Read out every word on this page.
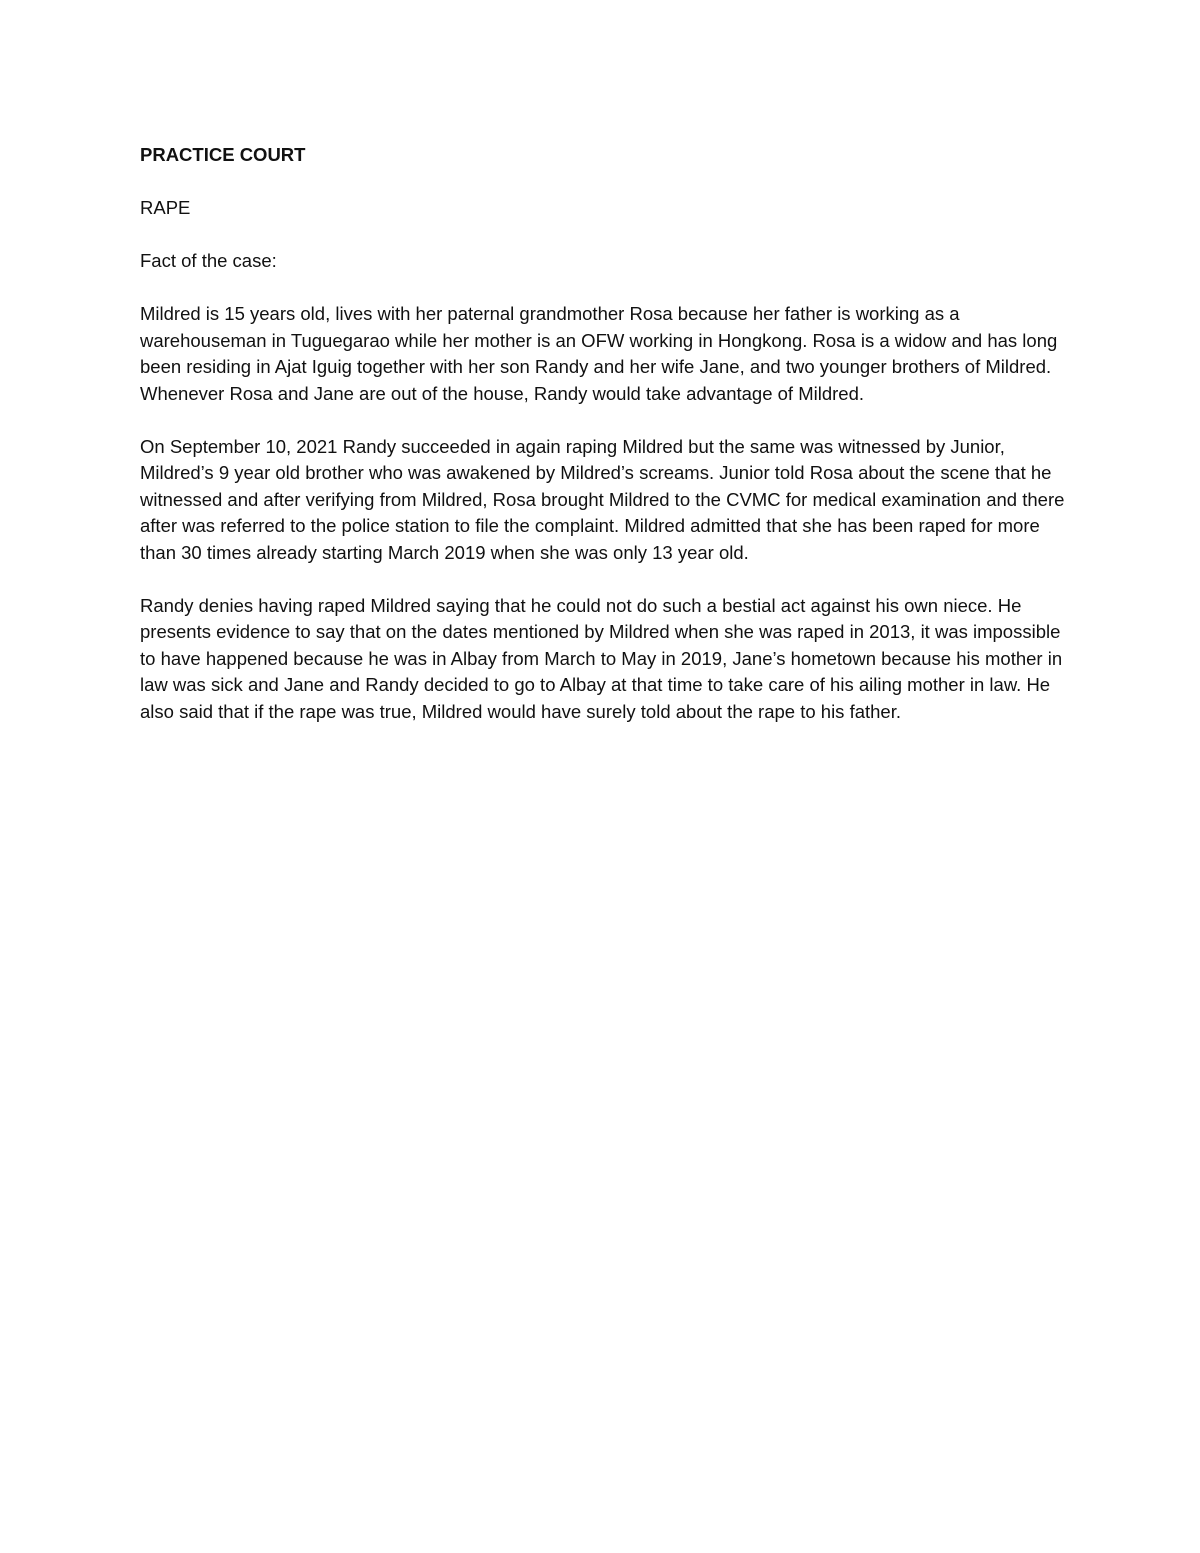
PRACTICE COURT

RAPE

Fact of the case:

Mildred is 15 years old, lives with her paternal grandmother Rosa because her father is working as a warehouseman in Tuguegarao while her mother is an OFW working in Hongkong. Rosa is a widow and has long been residing in Ajat Iguig together with her son Randy and her wife Jane, and two younger brothers of Mildred. Whenever Rosa and Jane are out of the house, Randy would take advantage of Mildred.

On September 10, 2021 Randy succeeded in again raping Mildred but the same was witnessed by Junior, Mildred’s 9 year old brother who was awakened by Mildred’s screams. Junior told Rosa about the scene that he witnessed and after verifying from Mildred, Rosa brought Mildred to the CVMC for medical examination and there after was referred to the police station to file the complaint. Mildred admitted that she has been raped for more than 30 times already starting March 2019 when she was only 13 year old.

Randy denies having raped Mildred saying that he could not do such a bestial act against his own niece. He presents evidence to say that on the dates mentioned by Mildred when she was raped in 2013, it was impossible to have happened because he was in Albay from March to May in 2019, Jane’s hometown because his mother in law was sick and Jane and Randy decided to go to Albay at that time to take care of his ailing mother in law. He also said that if the rape was true, Mildred would have surely told about the rape to his father.
